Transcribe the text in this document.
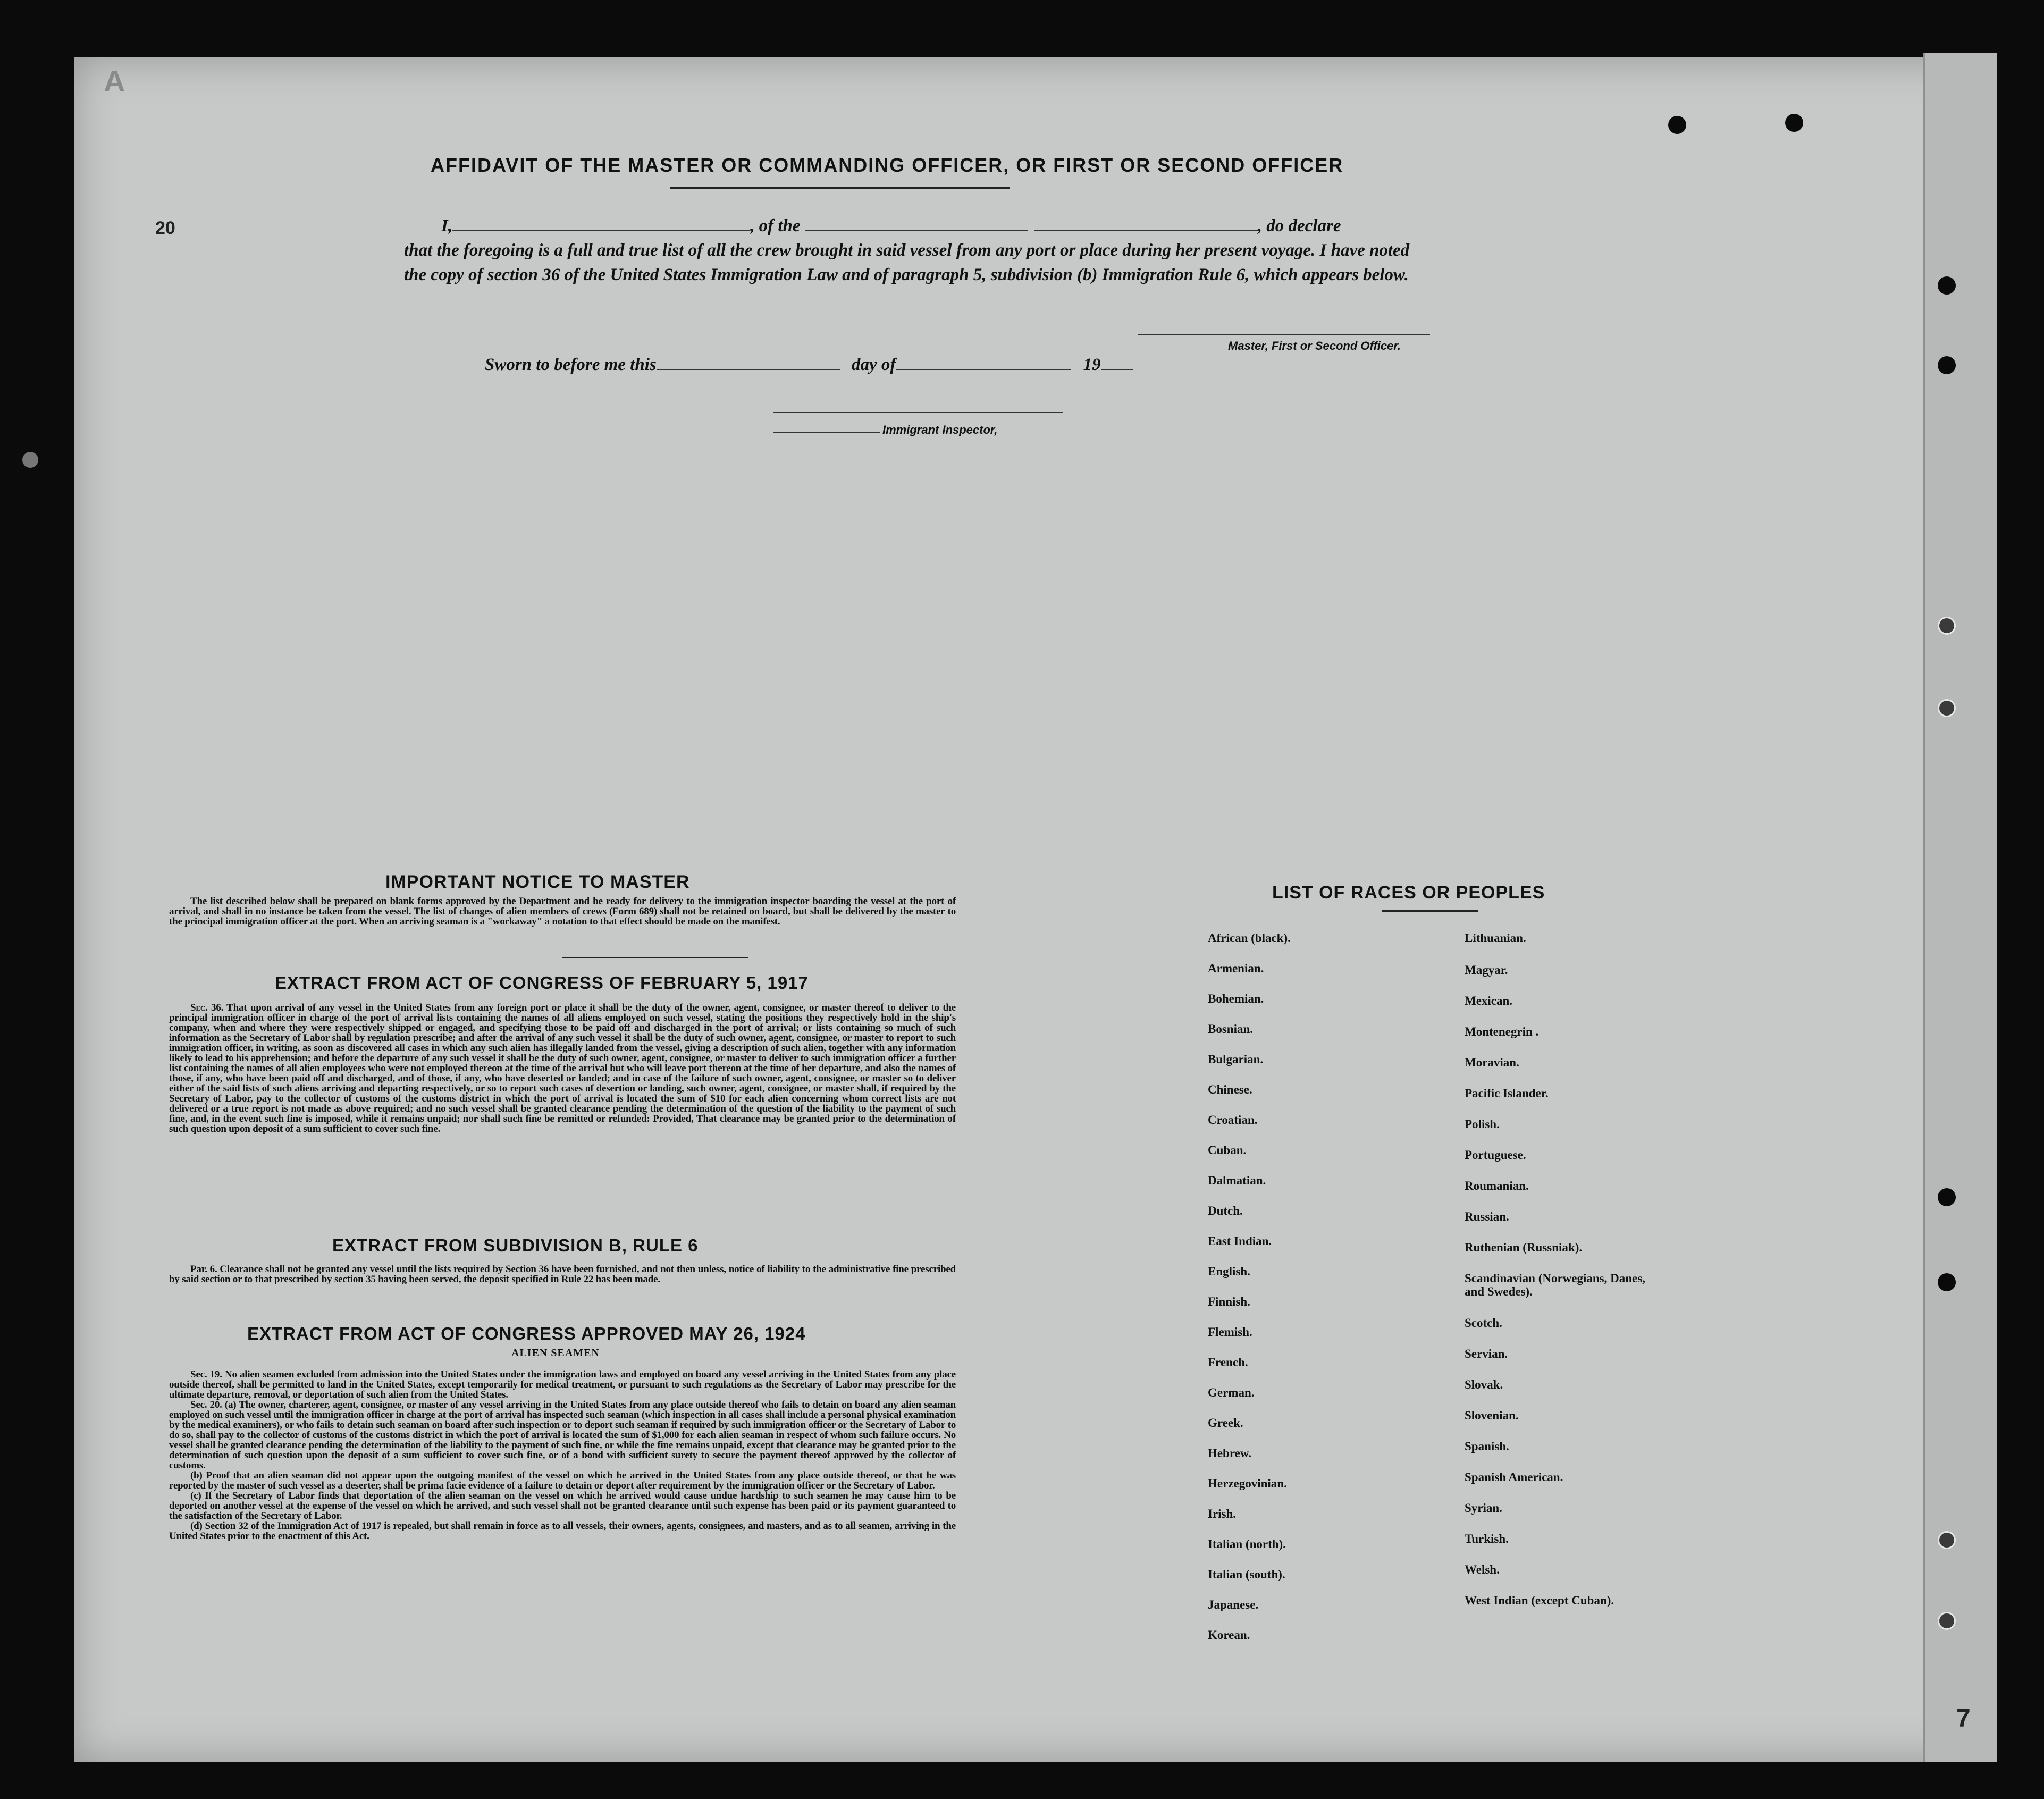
A
20
7
AFFIDAVIT OF THE MASTER OR COMMANDING OFFICER, OR FIRST OR SECOND OFFICER
I,	, of the	, do declare
that the foregoing is a full and true list of all the crew brought in said vessel from any port or place during her present voyage. I have noted the copy of section 36 of the United States Immigration Law and of paragraph 5, subdivision (b) Immigration Rule 6, which appears below.
Master, First or Second Officer.
Sworn to before me this	day of	19
Immigrant Inspector,
IMPORTANT NOTICE TO MASTER

The list described below shall be prepared on blank forms approved by the Department and be ready for delivery to the immigration inspector boarding the vessel at the port of arrival, and shall in no instance be taken from the vessel. The list of changes of alien members of crews (Form 689) shall not be retained on board, but shall be delivered by the master to the principal immigration officer at the port. When an arriving seaman is a "workaway" a notation to that effect should be made on the manifest.

EXTRACT FROM ACT OF CONGRESS OF FEBRUARY 5, 1917

Sec. 36. That upon arrival of any vessel in the United States from any foreign port or place it shall be the duty of the owner, agent, consignee, or master thereof to deliver to the principal immigration officer in charge of the port of arrival lists containing the names of all aliens employed on such vessel, stating the positions they respectively hold in the ship's company, when and where they were respectively shipped or engaged, and specifying those to be paid off and discharged in the port of arrival; or lists containing so much of such information as the Secretary of Labor shall by regulation prescribe; and after the arrival of any such vessel it shall be the duty of such owner, agent, consignee, or master to report to such immigration officer, in writing, as soon as discovered all cases in which any such alien has illegally landed from the vessel, giving a description of such alien, together with any information likely to lead to his apprehension; and before the departure of any such vessel it shall be the duty of such owner, agent, consignee, or master to deliver to such immigration officer a further list containing the names of all alien employees who were not employed thereon at the time of the arrival but who will leave port thereon at the time of her departure, and also the names of those, if any, who have been paid off and discharged, and of those, if any, who have deserted or landed; and in case of the failure of such owner, agent, consignee, or master so to deliver either of the said lists of such aliens arriving and departing respectively, or so to report such cases of desertion or landing, such owner, agent, consignee, or master shall, if required by the Secretary of Labor, pay to the collector of customs of the customs district in which the port of arrival is located the sum of $10 for each alien concerning whom correct lists are not delivered or a true report is not made as above required; and no such vessel shall be granted clearance pending the determination of the question of the liability to the payment of such fine, and, in the event such fine is imposed, while it remains unpaid; nor shall such fine be remitted or refunded: Provided, That clearance may be granted prior to the determination of such question upon deposit of a sum sufficient to cover such fine.

EXTRACT FROM SUBDIVISION B, RULE 6

Par. 6. Clearance shall not be granted any vessel until the lists required by Section 36 have been furnished, and not then unless, notice of liability to the administrative fine prescribed by said section or to that prescribed by section 35 having been served, the deposit specified in Rule 22 has been made.

EXTRACT FROM ACT OF CONGRESS APPROVED MAY 26, 1924
ALIEN SEAMEN

Sec. 19. No alien seamen excluded from admission into the United States under the immigration laws and employed on board any vessel arriving in the United States from any place outside thereof, shall be permitted to land in the United States, except temporarily for medical treatment, or pursuant to such regulations as the Secretary of Labor may prescribe for the ultimate departure, removal, or deportation of such alien from the United States.

Sec. 20. (a) The owner, charterer, agent, consignee, or master of any vessel arriving in the United States from any place outside thereof who fails to detain on board any alien seaman employed on such vessel until the immigration officer in charge at the port of arrival has inspected such seaman (which inspection in all cases shall include a personal physical examination by the medical examiners), or who fails to detain such seaman on board after such inspection or to deport such seaman if required by such immigration officer or the Secretary of Labor to do so, shall pay to the collector of customs of the customs district in which the port of arrival is located the sum of $1,000 for each alien seaman in respect of whom such failure occurs. No vessel shall be granted clearance pending the determination of the liability to the payment of such fine, or while the fine remains unpaid, except that clearance may be granted prior to the determination of such question upon the deposit of a sum sufficient to cover such fine, or of a bond with sufficient surety to secure the payment thereof approved by the collector of customs.

(b) Proof that an alien seaman did not appear upon the outgoing manifest of the vessel on which he arrived in the United States from any place outside thereof, or that he was reported by the master of such vessel as a deserter, shall be prima facie evidence of a failure to detain or deport after requirement by the immigration officer or the Secretary of Labor.

(c) If the Secretary of Labor finds that deportation of the alien seaman on the vessel on which he arrived would cause undue hardship to such seamen he may cause him to be deported on another vessel at the expense of the vessel on which he arrived, and such vessel shall not be granted clearance until such expense has been paid or its payment guaranteed to the satisfaction of the Secretary of Labor.

(d) Section 32 of the Immigration Act of 1917 is repealed, but shall remain in force as to all vessels, their owners, agents, consignees, and masters, and as to all seamen, arriving in the United States prior to the enactment of this Act.

LIST OF RACES OR PEOPLES
African (black).
Armenian.
Bohemian.
Bosnian.
Bulgarian.
Chinese.
Croatian.
Cuban.
Dalmatian.
Dutch.
East Indian.
English.
Finnish.
Flemish.
French.
German.
Greek.
Hebrew.
Herzegovinian.
Irish.
Italian (north).
Italian (south).
Japanese.
Korean.
Lithuanian.
Magyar.
Mexican.
Montenegrin .
Moravian.
Pacific Islander.
Polish.
Portuguese.
Roumanian.
Russian.
Ruthenian (Russniak).
Scandinavian (Norwegians, Danes, and Swedes).
Scotch.
Servian.
Slovak.
Slovenian.
Spanish.
Spanish American.
Syrian.
Turkish.
Welsh.
West Indian (except Cuban).
